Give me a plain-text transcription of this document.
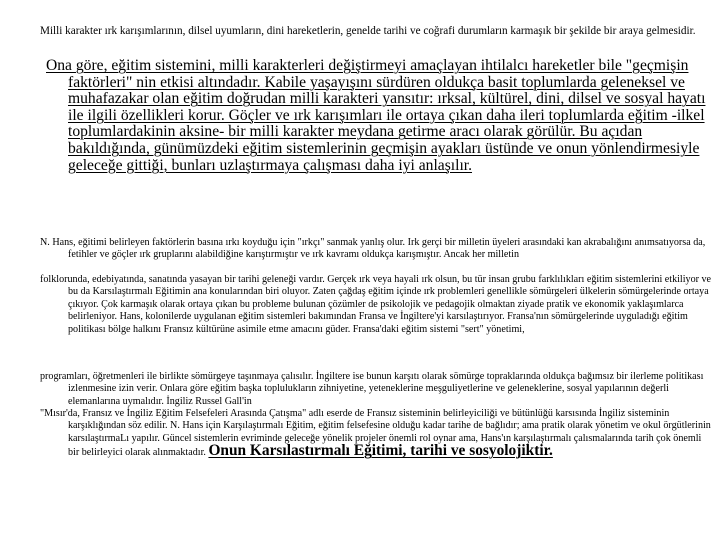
Milli karakter ırk karışımlarının, dilsel uyumların, dini hareketlerin, genelde tarihi ve coğrafi durumların karmaşık bir şekilde bir araya gelmesidir.

Ona göre, eğitim sistemini, milli karakterleri değiştirmeyi amaçlayan ihtilalcı hareketler bile "geçmişin faktörleri" nin etkisi altındadır. Kabile yaşayışını sürdüren oldukça basit toplumlarda geleneksel ve muhafazakar olan eğitim doğrudan milli karakteri yansıtır: ırksal, kültürel, dini, dilsel ve sosyal hayatı ile ilgili özellikleri korur. Göçler ve ırk karışımları ile ortaya çıkan daha ileri toplumlarda eğitim -ilkel toplumlardakinin aksine- bir milli karakter meydana getirme aracı olarak görülür. Bu açıdan bakıldığında, günümüzdeki eğitim sistemlerinin geçmişin ayakları üstünde ve onun yönlendirmesiyle geleceğe gittiği, bunları uzlaştırmaya çalışması daha iyi anlaşılır.

N. Hans, eğitimi belirleyen faktörlerin basına ırkı koyduğu için "ırkçı" sanmak yanlış olur. Irk gerçi bir milletin üyeleri arasındaki kan akrabalığını anımsatıyorsa da, fetihler ve göçler ırk gruplarını alabildiğine karıştırmıştır ve ırk kavramı oldukça karışmıştır. Ancak her milletin

folklorunda, edebiyatında, sanatında yasayan bir tarihi geleneği vardır. Gerçek ırk veya hayali ırk olsun, bu tür insan grubu farklılıkları eğitim sistemlerini etkiliyor ve bu da Karsılaştırmalı Eğitimin ana konularından biri oluyor. Zaten çağdaş eğitim içinde ırk problemleri genellikle sömürgeleri ülkelerin sömürgelerinde ortaya çıkıyor. Çok karmaşık olarak ortaya çıkan bu probleme bulunan çözümler de psikolojik ve pedagojik olmaktan ziyade pratik ve ekonomik yaklaşımlarca belirleniyor. Hans, kolonilerde uygulanan eğitim sistemleri bakımından Fransa ve İngiltere'yi karsılaştırıyor. Fransa'nın sömürgelerinde uyguladığı eğitim politikası bölge halkını Fransız kültürüne asimile etme amacını güder. Fransa'daki eğitim sistemi "sert" yönetimi,

programları, öğretmenleri ile birlikte sömürgeye taşınmaya çalısılır. İngiltere ise bunun karşıtı olarak sömürge topraklarında oldukça bağımsız bir ilerleme politikası izlenmesine izin verir. Onlara göre eğitim başka toplulukların zihniyetine, yeteneklerine meşguliyetlerine ve geleneklerine, sosyal yapılarının değerli elemanlarına uymalıdır. İngiliz Russel Gall'in

"Mısır'da, Fransız ve İngiliz Eğitim Felsefeleri Arasında Çatışma" adlı eserde de Fransız sisteminin belirleyiciliği ve bütünlüğü karsısında İngiliz sisteminin karşıklığından söz edilir. N. Hans için Karşılaştırmalı Eğitim, eğitim felsefesine olduğu kadar tarihe de bağlıdır; ama pratik olarak yönetim ve okul örgütlerinin karsılaştırmaLı yapılır. Güncel sistemlerin evriminde geleceğe yönelik projeler önemli rol oynar ama, Hans'ın karşılaştırmalı çalısmalarında tarih çok önemli bir belirleyici olarak alınmaktadır. Onun Karsılastırmalı Eğitimi, tarihi ve sosyolojiktir.
